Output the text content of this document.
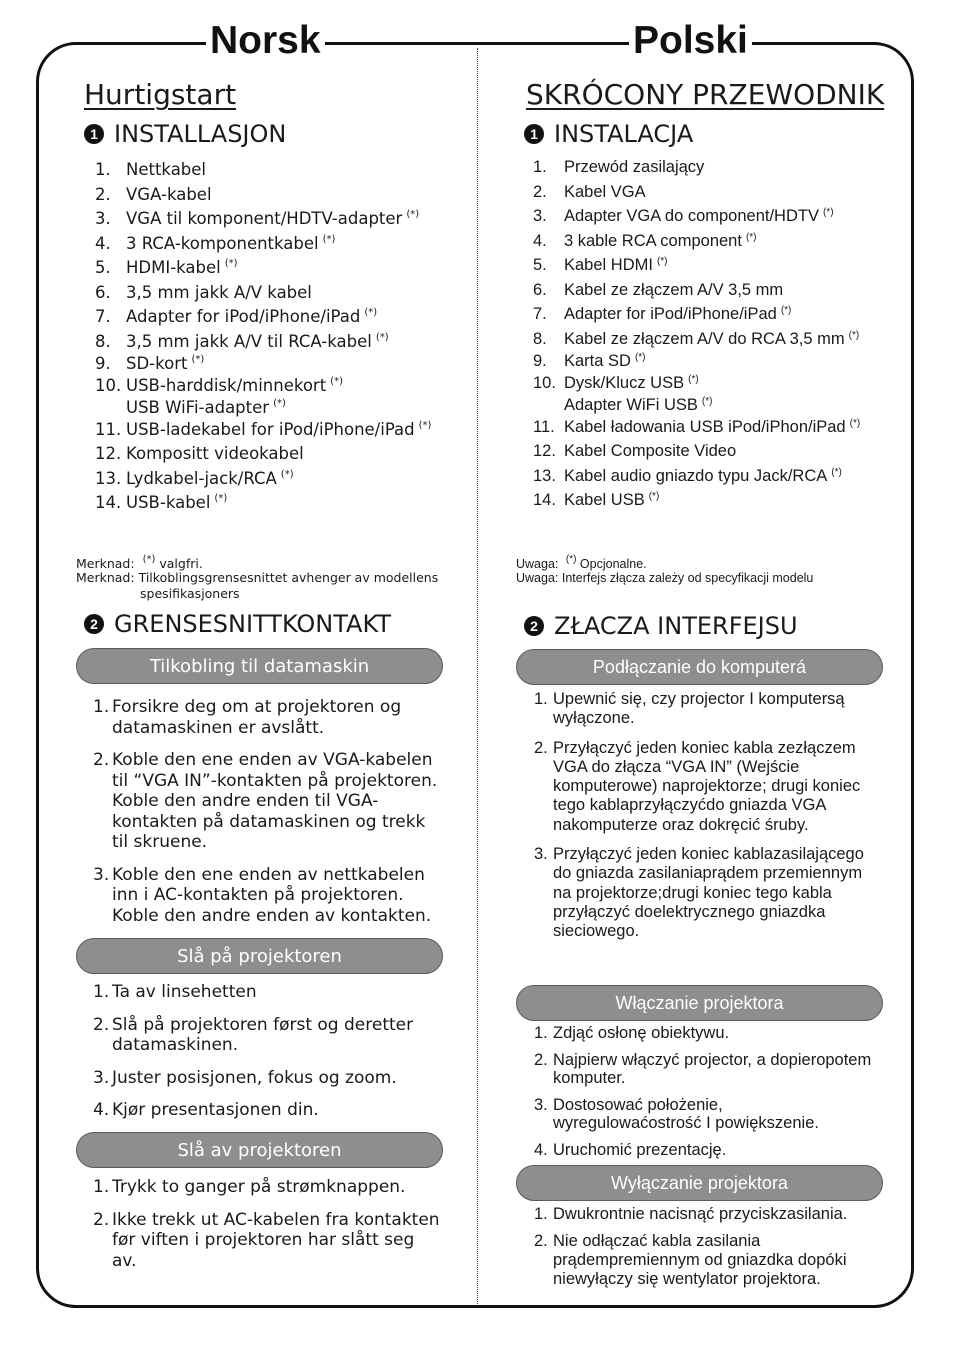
Norsk	Polski
Hurtigstart
1 INSTALLASJON
1. Nettkabel
2. VGA-kabel
3. VGA til komponent/HDTV-adapter (*)
4. 3 RCA-komponentkabel (*)
5. HDMI-kabel (*)
6. 3,5 mm jakk A/V kabel
7. Adapter for iPod/iPhone/iPad (*)
8. 3,5 mm jakk A/V til RCA-kabel (*)
9. SD-kort (*)
10. USB-harddisk/minnekort (*)
USB WiFi-adapter (*)
11. USB-ladekabel for iPod/iPhone/iPad (*)
12. Kompositt videokabel
13. Lydkabel-jack/RCA (*)
14. USB-kabel (*)
Merknad: (*) valgfri.
Merknad: Tilkoblingsgrensesnittet avhenger av modellens
spesifikasjoners
2 GRENSESNITTKONTAKT
Tilkobling til datamaskin
1. Forsikre deg om at projektoren og datamaskinen er avslått.
2. Koble den ene enden av VGA-kabelen til “VGA IN”-kontakten på projektoren. Koble den andre enden til VGA-kontakten på datamaskinen og trekk til skruene.
3. Koble den ene enden av nettkabelen inn i AC-kontakten på projektoren. Koble den andre enden av kontakten.
Slå på projektoren
1. Ta av linsehetten
2. Slå på projektoren først og deretter datamaskinen.
3. Juster posisjonen, fokus og zoom.
4. Kjør presentasjonen din.
Slå av projektoren
1. Trykk to ganger på strømknappen.
2. Ikke trekk ut AC-kabelen fra kontakten før viften i projektoren har slått seg av.
SKRÓCONY PRZEWODNIK
1 INSTALACJA
1.	Przewód zasilający
2.	Kabel VGA
3.	Adapter VGA do component/HDTV (*)
4.	3 kable RCA component (*)
5.	Kabel HDMI (*)
6.	Kabel ze złączem A/V 3,5 mm
7.	Adapter for iPod/iPhone/iPad (*)
8.	Kabel ze złączem A/V do RCA 3,5 mm (*)
9.	Karta SD (*)
10. Dysk/Klucz USB (*)
Adapter WiFi USB (*)
11. Kabel ładowania USB iPod/iPhon/iPad (*)
12. Kabel Composite Video
13. Kabel audio gniazdo typu Jack/RCA (*)
14. Kabel USB (*)
Uwaga: (*) Opcjonalne.
Uwaga: Interfejs złącza zależy od specyfikacji modelu
2 ZŁACZA INTERFEJSU
Podłączanie do komputerá
1. Upewnić się, czy projector I komputersą wyłączone.
2. Przyłączyć jeden koniec kabla zezłączem VGA do złącza “VGA IN” (Wejście komputerowe) naprojektorze; drugi koniec tego kablaprzyłączyćdo gniazda VGA nakomputerze oraz dokręcić śruby.
3. Przyłączyć jeden koniec kablazasilającego do gniazda zasilaniaprądem przemiennym na projektorze;drugi koniec tego kabla przyłączyć doelektrycznego gniazdka sieciowego.
Włączanie projektora
1. Zdjąć osłonę obiektywu.
2. Najpierw włączyć projector, a dopieropotem komputer.
3. Dostosować położenie, wyregulowaćostrość I powiększenie.
4. Uruchomić prezentację.
Wyłączanie projektora
1. Dwukrontnie nacisnąć przyciskzasilania.
2. Nie odłączać kabla zasilania prądempremiennym od gniazdka dopóki niewyłączy się wentylator projektora.
